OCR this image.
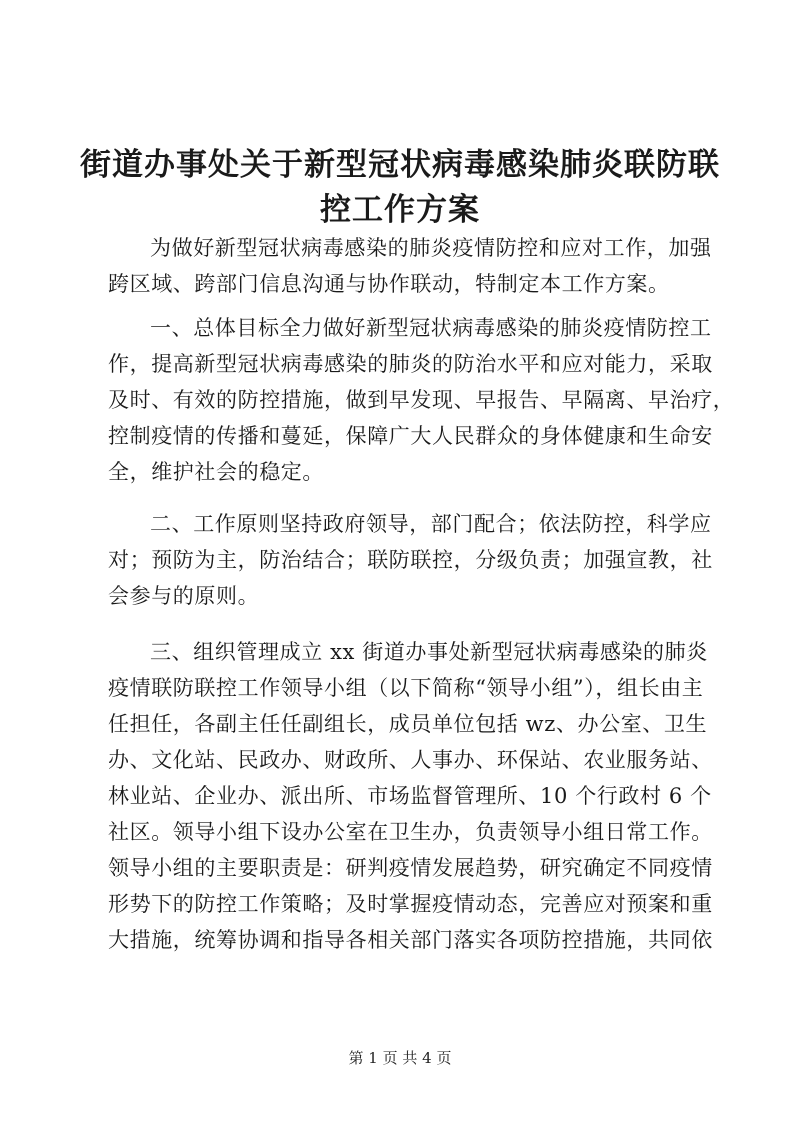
街道办事处关于新型冠状病毒感染肺炎联防联
控工作方案
为做好新型冠状病毒感染的肺炎疫情防控和应对工作，加强
跨区域、跨部门信息沟通与协作联动，特制定本工作方案。
一、总体目标全力做好新型冠状病毒感染的肺炎疫情防控工
作，提高新型冠状病毒感染的肺炎的防治水平和应对能力，采取
及时、有效的防控措施，做到早发现、早报告、早隔离、早治疗，
控制疫情的传播和蔓延，保障广大人民群众的身体健康和生命安
全，维护社会的稳定。
二、工作原则坚持政府领导，部门配合；依法防控，科学应
对；预防为主，防治结合；联防联控，分级负责；加强宣教，社
会参与的原则。
三、组织管理成立 xx 街道办事处新型冠状病毒感染的肺炎
疫情联防联控工作领导小组（以下简称“领导小组”），组长由主
任担任，各副主任任副组长，成员单位包括 wz、办公室、卫生
办、文化站、民政办、财政所、人事办、环保站、农业服务站、
林业站、企业办、派出所、市场监督管理所、10 个行政村 6 个
社区。领导小组下设办公室在卫生办，负责领导小组日常工作。
领导小组的主要职责是：研判疫情发展趋势，研究确定不同疫情
形势下的防控工作策略；及时掌握疫情动态，完善应对预案和重
大措施，统筹协调和指导各相关部门落实各项防控措施，共同依
第 1 页 共 4 页
